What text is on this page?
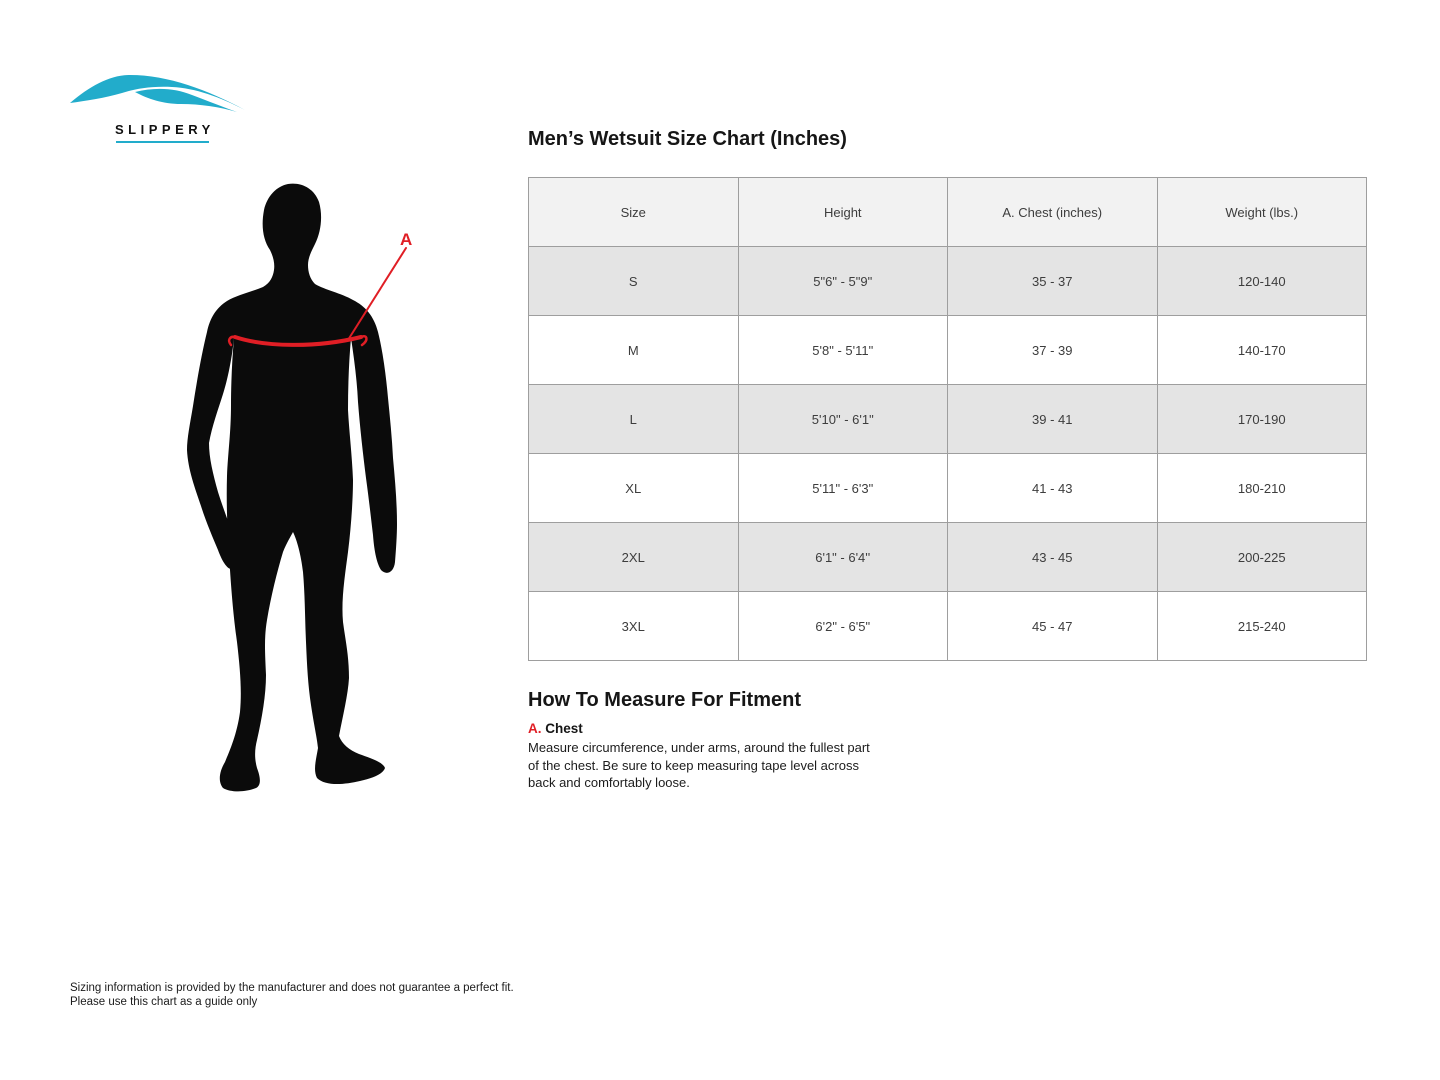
SLIPPERY
A
Men’s Wetsuit Size Chart (Inches)
Size	Height	A. Chest (inches)	Weight (lbs.)
S	5"6" - 5"9"	35 - 37	120-140
M	5'8" - 5'11"	37 - 39	140-170
L	5'10" - 6'1"	39 - 41	170-190
XL	5'11" - 6'3"	41 - 43	180-210
2XL	6'1" - 6'4''	43 - 45	200-225
3XL	6'2" - 6'5"	45 - 47	215-240
How To Measure For Fitment
A. Chest
Measure circumference, under arms, around the fullest part of the chest. Be sure to keep measuring tape level across back and comfortably loose.
Sizing information is provided by the manufacturer and does not guarantee a perfect fit.
Please use this chart as a guide only
